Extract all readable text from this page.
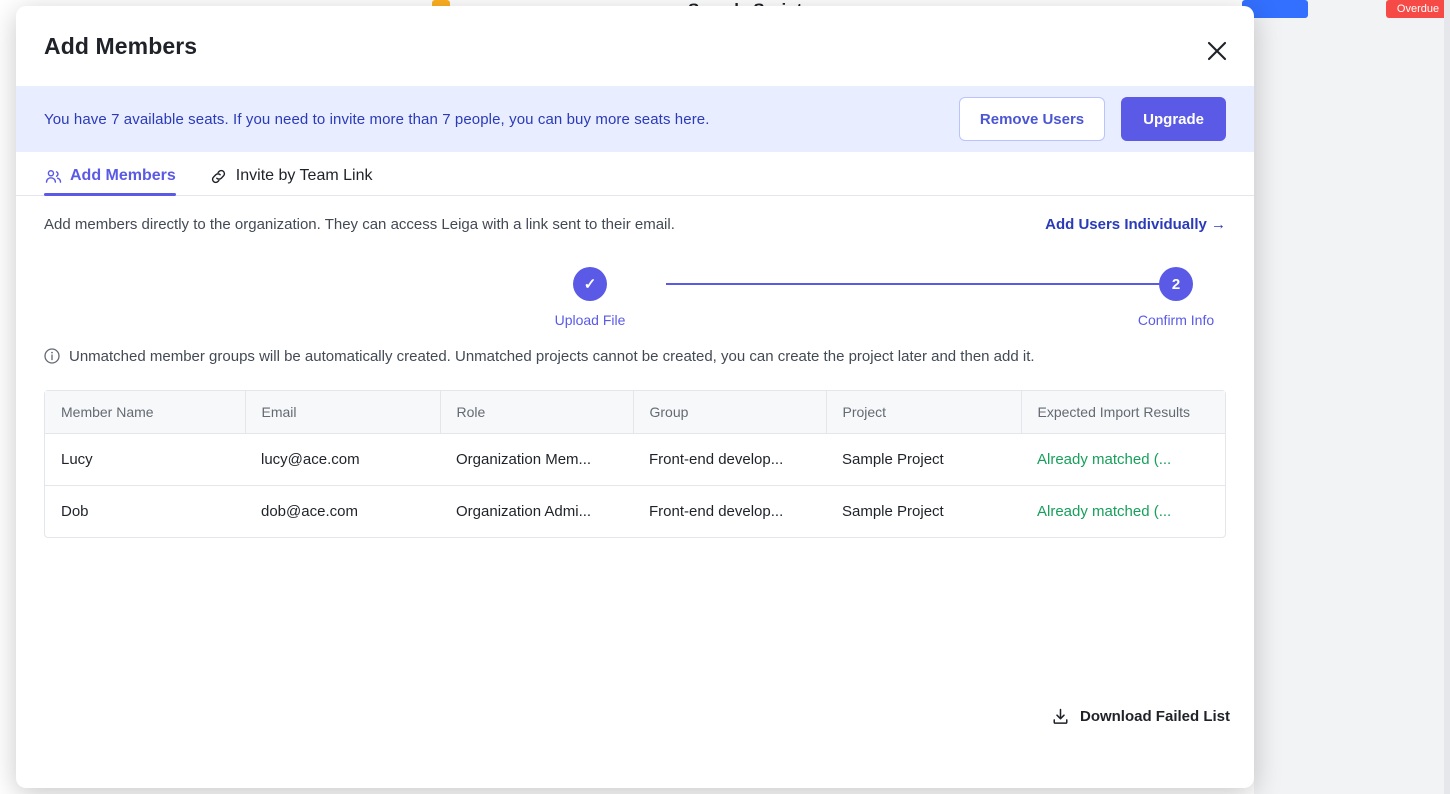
Overdue
Add Members
You have 7 available seats. If you need to invite more than 7 people, you can buy more seats here.	Remove Users	Upgrade
Add Members	Invite by Team Link
Add members directly to the organization. They can access Leiga with a link sent to their email.	Add Users Individually →
✓
Upload File
2
Confirm Info
Unmatched member groups will be automatically created. Unmatched projects cannot be created, you can create the project later and then add it.
Member Name	Email	Role	Group	Project	Expected Import Results
Lucy	lucy@ace.com	Organization Mem...	Front-end develop...	Sample Project	Already matched (...
Dob	dob@ace.com	Organization Admi...	Front-end develop...	Sample Project	Already matched (...
Download Failed List
